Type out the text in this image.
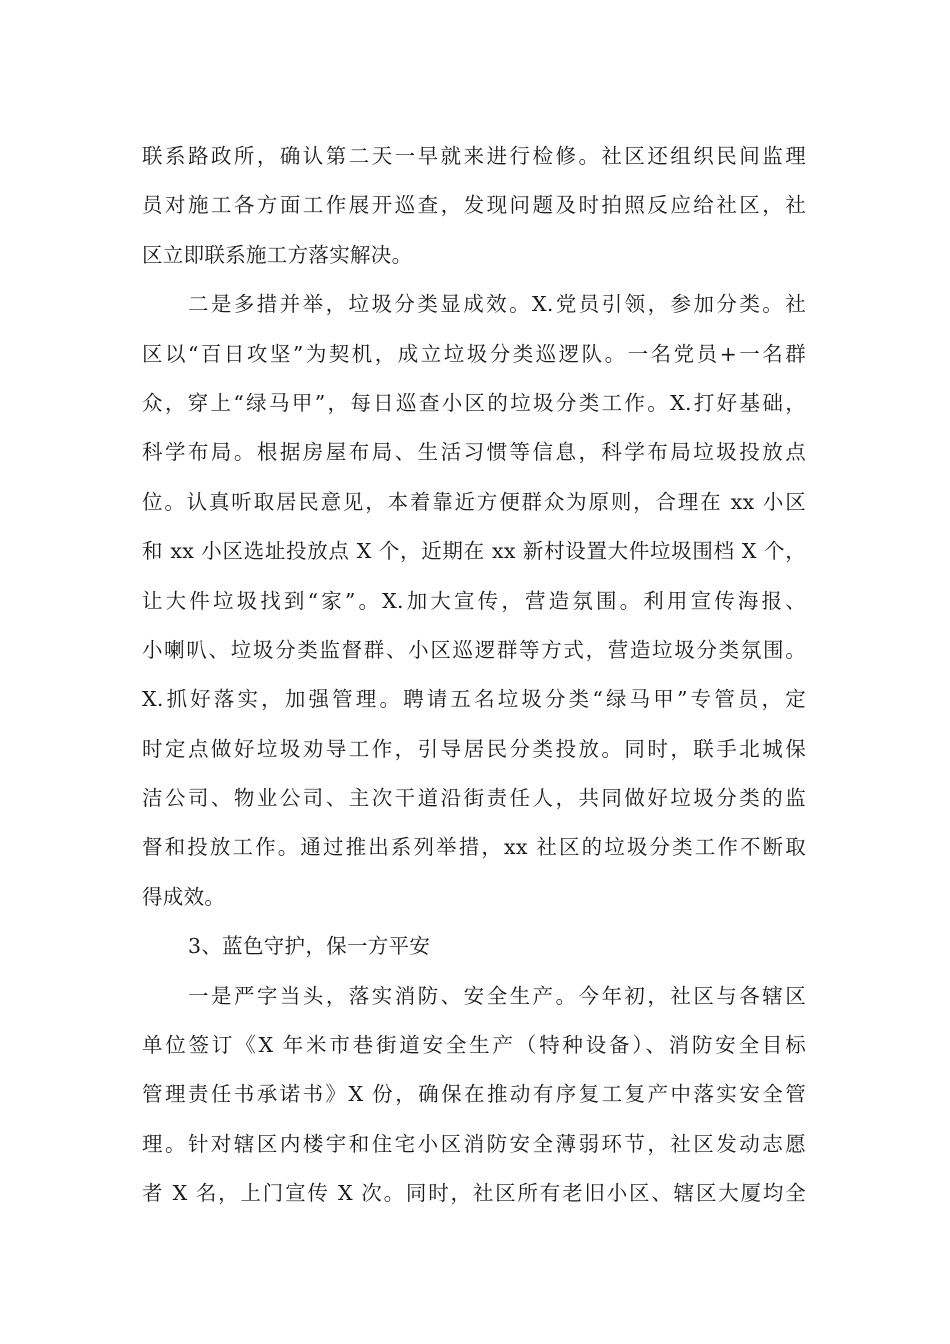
联系路政所，确认第二天一早就来进行检修。社区还组织民间监理
员对施工各方面工作展开巡查，发现问题及时拍照反应给社区，社
区立即联系施工方落实解决。
二是多措并举，垃圾分类显成效。X.党员引领，参加分类。社
区以“百日攻坚”为契机，成立垃圾分类巡逻队。一名党员+一名群
众，穿上“绿马甲”，每日巡查小区的垃圾分类工作。X.打好基础，
科学布局。根据房屋布局、生活习惯等信息，科学布局垃圾投放点
位。认真听取居民意见，本着靠近方便群众为原则，合理在 xx 小区
和 xx 小区选址投放点 X 个，近期在 xx 新村设置大件垃圾围档 X 个，
让大件垃圾找到“家”。X.加大宣传，营造氛围。利用宣传海报、
小喇叭、垃圾分类监督群、小区巡逻群等方式，营造垃圾分类氛围。
X.抓好落实，加强管理。聘请五名垃圾分类“绿马甲”专管员，定
时定点做好垃圾劝导工作，引导居民分类投放。同时，联手北城保
洁公司、物业公司、主次干道沿街责任人，共同做好垃圾分类的监
督和投放工作。通过推出系列举措，xx 社区的垃圾分类工作不断取
得成效。
3、蓝色守护，保一方平安
一是严字当头，落实消防、安全生产。今年初，社区与各辖区
单位签订《X 年米市巷街道安全生产（特种设备）、消防安全目标
管理责任书承诺书》X 份，确保在推动有序复工复产中落实安全管
理。针对辖区内楼宇和住宅小区消防安全薄弱环节，社区发动志愿
者 X 名，上门宣传 X 次。同时，社区所有老旧小区、辖区大厦均全
